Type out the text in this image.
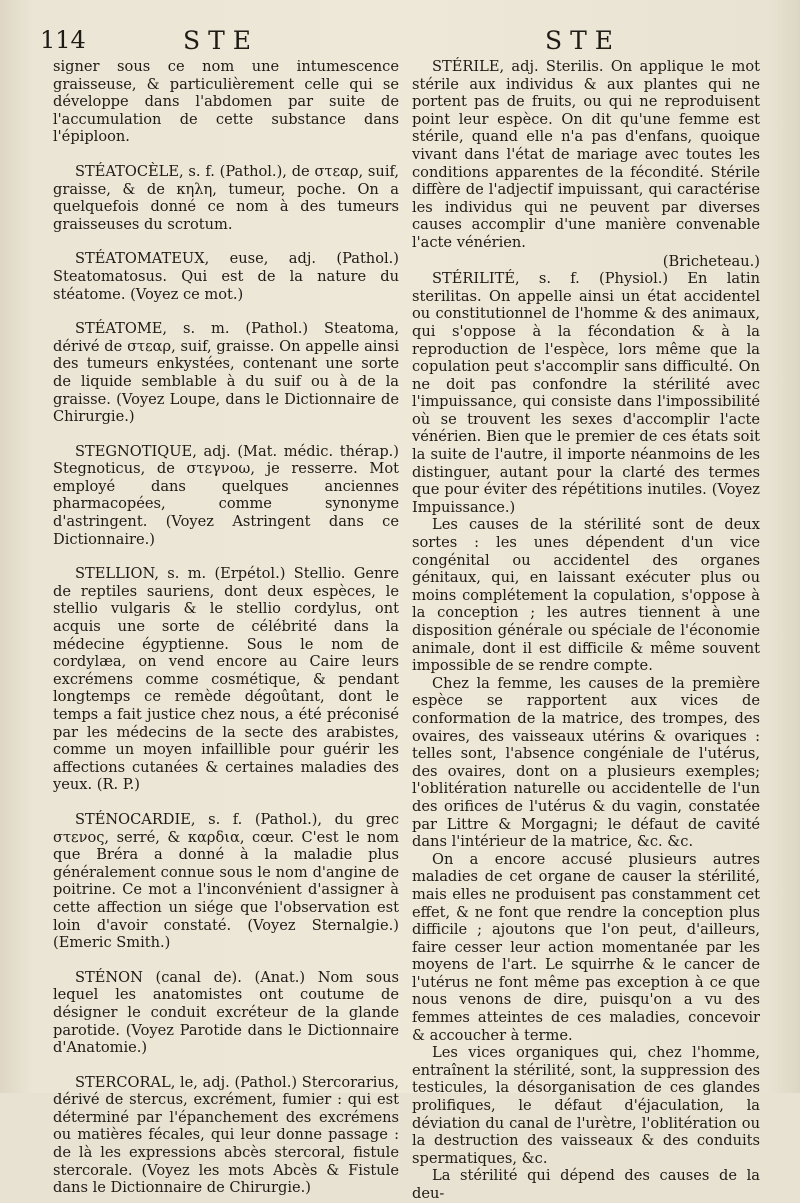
114	STE	STE

signer sous ce nom une intumescence graisseuse, & particulièrement celle qui se développe dans l'abdomen par suite de l'accumulation de cette substance dans l'épiploon.

STÉATOCÈLE, s. f. (Pathol.), de στεαρ, suif, graisse, & de κηλη, tumeur, poche. On a quelquefois donné ce nom à des tumeurs graisseuses du scrotum.

STÉATOMATEUX, euse, adj. (Pathol.) Steatomatosus. Qui est de la nature du stéatome. (Voyez ce mot.)

STÉATOME, s. m. (Pathol.) Steatoma, dérivé de στεαρ, suif, graisse. On appelle ainsi des tumeurs enkystées, contenant une sorte de liquide semblable à du suif ou à de la graisse. (Voyez Loupe, dans le Dictionnaire de Chirurgie.)

STEGNOTIQUE, adj. (Mat. médic. thérap.) Stegnoticus, de στεγνοω, je resserre. Mot employé dans quelques anciennes pharmacopées, comme synonyme d'astringent. (Voyez Astringent dans ce Dictionnaire.)

STELLION, s. m. (Erpétol.) Stellio. Genre de reptiles sauriens, dont deux espèces, le stellio vulgaris & le stellio cordylus, ont acquis une sorte de célébrité dans la médecine égyptienne. Sous le nom de cordylæa, on vend encore au Caire leurs excrémens comme cosmétique, & pendant longtemps ce remède dégoûtant, dont le temps a fait justice chez nous, a été préconisé par les médecins de la secte des arabistes, comme un moyen infaillible pour guérir les affections cutanées & certaines maladies des yeux. (R. P.)

STÉNOCARDIE, s. f. (Pathol.), du grec στενος, serré, & καρδια, cœur. C'est le nom que Bréra a donné à la maladie plus généralement connue sous le nom d'angine de poitrine. Ce mot a l'inconvénient d'assigner à cette affection un siége que l'observation est loin d'avoir constaté. (Voyez Sternalgie.) (Emeric Smith.)

STÉNON (canal de). (Anat.) Nom sous lequel les anatomistes ont coutume de désigner le conduit excréteur de la glande parotide. (Voyez Parotide dans le Dictionnaire d'Anatomie.)

STERCORAL, le, adj. (Pathol.) Stercorarius, dérivé de stercus, excrément, fumier : qui est déterminé par l'épanchement des excrémens ou matières fécales, qui leur donne passage : de là les expressions abcès stercoral, fistule stercorale. (Voyez les mots Abcès & Fistule dans le Dictionnaire de Chirurgie.)

STÉRILE, adj. Sterilis. On applique le mot stérile aux individus & aux plantes qui ne portent pas de fruits, ou qui ne reproduisent point leur espèce. On dit qu'une femme est stérile, quand elle n'a pas d'enfans, quoique vivant dans l'état de mariage avec toutes les conditions apparentes de la fécondité. Stérile diffère de l'adjectif impuissant, qui caractérise les individus qui ne peuvent par diverses causes accomplir d'une manière convenable l'acte vénérien.

(Bricheteau.)

STÉRILITÉ, s. f. (Physiol.) En latin sterilitas. On appelle ainsi un état accidentel ou constitutionnel de l'homme & des animaux, qui s'oppose à la fécondation & à la reproduction de l'espèce, lors même que la copulation peut s'accomplir sans difficulté. On ne doit pas confondre la stérilité avec l'impuissance, qui consiste dans l'impossibilité où se trouvent les sexes d'accomplir l'acte vénérien. Bien que le premier de ces états soit la suite de l'autre, il importe néanmoins de les distinguer, autant pour la clarté des termes que pour éviter des répétitions inutiles. (Voyez Impuissance.)

Les causes de la stérilité sont de deux sortes : les unes dépendent d'un vice congénital ou accidentel des organes génitaux, qui, en laissant exécuter plus ou moins complétement la copulation, s'oppose à la conception ; les autres tiennent à une disposition générale ou spéciale de l'économie animale, dont il est difficile & même souvent impossible de se rendre compte.

Chez la femme, les causes de la première espèce se rapportent aux vices de conformation de la matrice, des trompes, des ovaires, des vaisseaux utérins & ovariques : telles sont, l'absence congéniale de l'utérus, des ovaires, dont on a plusieurs exemples; l'oblitération naturelle ou accidentelle de l'un des orifices de l'utérus & du vagin, constatée par Littre & Morgagni; le défaut de cavité dans l'intérieur de la matrice, &c. &c.

On a encore accusé plusieurs autres maladies de cet organe de causer la stérilité, mais elles ne produisent pas constamment cet effet, & ne font que rendre la conception plus difficile ; ajoutons que l'on peut, d'ailleurs, faire cesser leur action momentanée par les moyens de l'art. Le squirrhe & le cancer de l'utérus ne font même pas exception à ce que nous venons de dire, puisqu'on a vu des femmes atteintes de ces maladies, concevoir & accoucher à terme.

Les vices organiques qui, chez l'homme, entraînent la stérilité, sont, la suppression des testicules, la désorganisation de ces glandes prolifiques, le défaut d'éjaculation, la déviation du canal de l'urètre, l'oblitération ou la destruction des vaisseaux & des conduits spermatiques, &c.

La stérilité qui dépend des causes de la deu-
